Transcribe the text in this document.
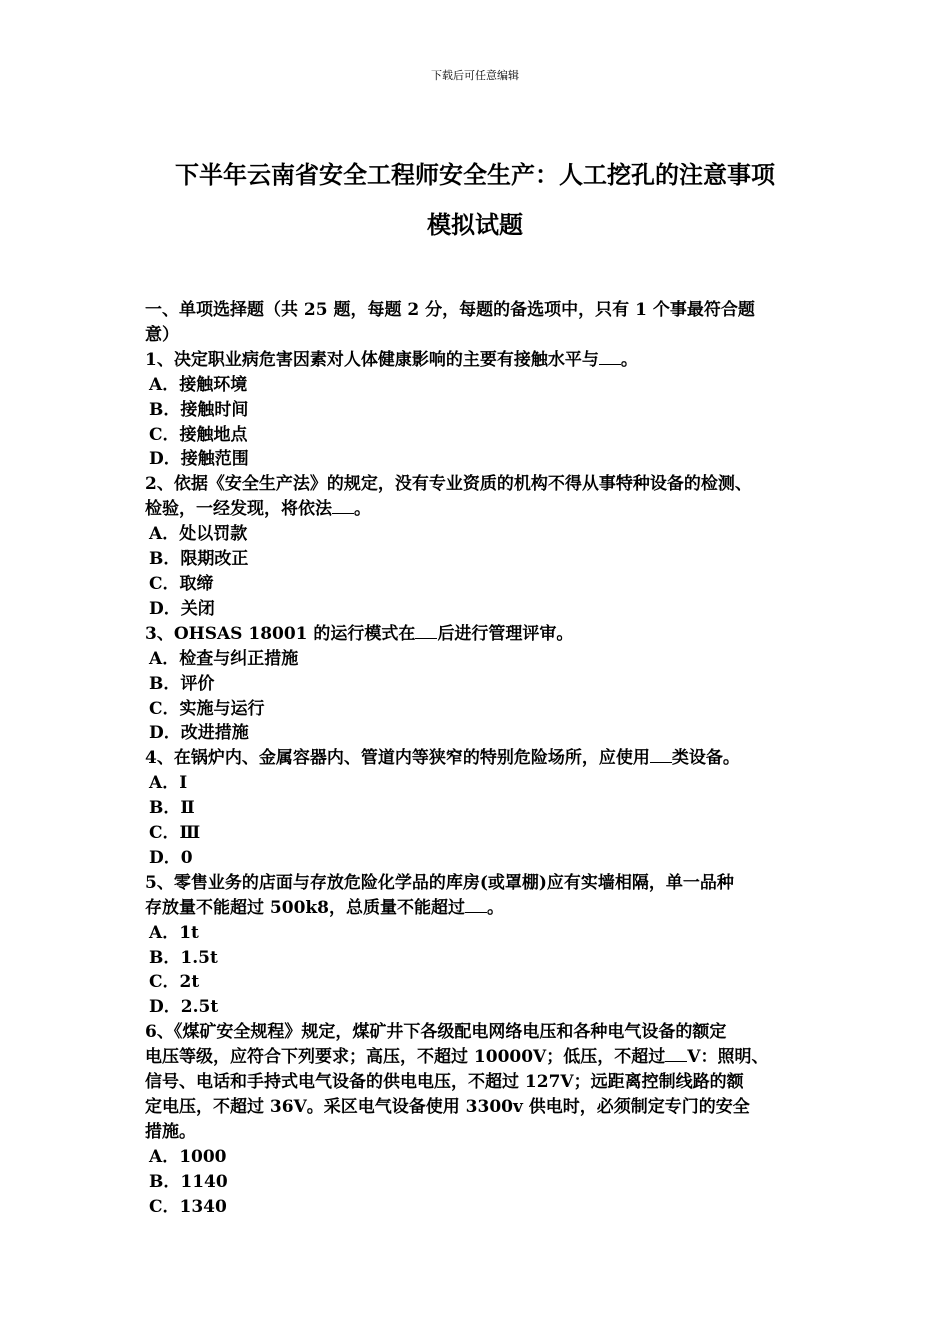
下载后可任意编辑
下半年云南省安全工程师安全生产：人工挖孔的注意事项
模拟试题
一、单项选择题（共 25 题，每题 2 分，每题的备选项中，只有 1 个事最符合题
意）
1、决定职业病危害因素对人体健康影响的主要有接触水平与 。
A．接触环境
B．接触时间
C．接触地点
D．接触范围
2、依据《安全生产法》的规定，没有专业资质的机构不得从事特种设备的检测、
检验，一经发现，将依法 。
A．处以罚款
B．限期改正
C．取缔
D．关闭
3、OHSAS 18001 的运行模式在 后进行管理评审。
A．检查与纠正措施
B．评价
C．实施与运行
D．改进措施
4、在锅炉内、金属容器内、管道内等狭窄的特别危险场所，应使用 类设备。
A．Ⅰ
B．Ⅱ
C．Ⅲ
D．0
5、零售业务的店面与存放危险化学品的库房(或罩棚)应有实墙相隔，单一品种
存放量不能超过 500k8，总质量不能超过 。
A．1t
B．1.5t
C．2t
D．2.5t
6、《煤矿安全规程》规定，煤矿井下各级配电网络电压和各种电气设备的额定
电压等级，应符合下列要求；高压，不超过 10000V；低压，不超过 V：照明、
信号、电话和手持式电气设备的供电电压，不超过 127V；远距离控制线路的额
定电压，不超过 36V。采区电气设备使用 3300v 供电时，必须制定专门的安全
措施。
A．1000
B．1140
C．1340
